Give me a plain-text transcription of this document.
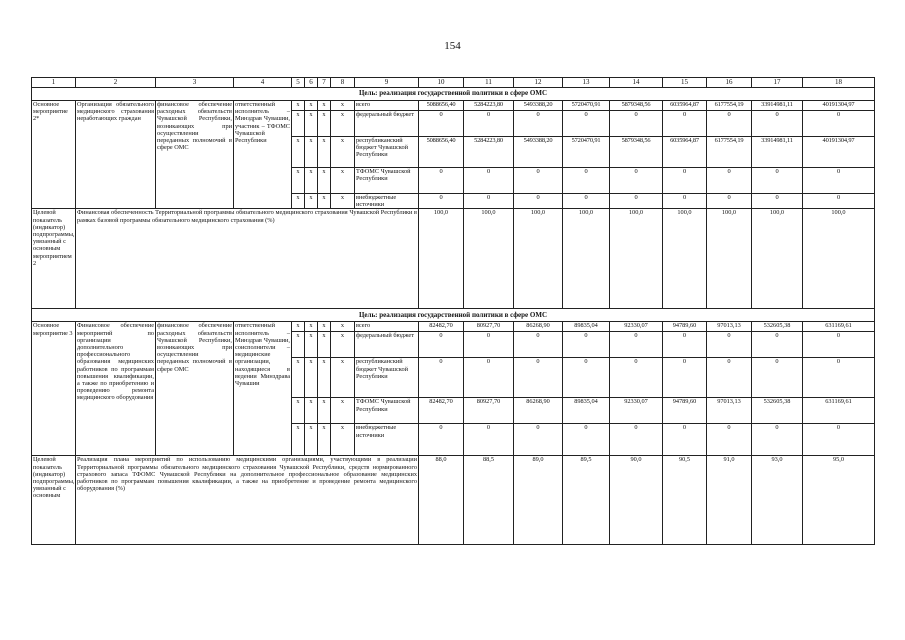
154
1	2	3	4	5	6	7	8	9	10	11	12	13	14	15	16	17	18
Цель: реализация государственной политики в сфере ОМС																	
Основное мероприятие 2*	Организация обязательного медицинского страхования неработающих граждан	финансовое обеспечение расходных обязательств Чувашской Республики, возникающих при осуществлении переданных полномочий в сфере ОМС	ответственный исполнитель – Минздрав Чувашии, участник – ТФОМС Чувашской Республики	x	x	x	x	всего	5088656,40	5284223,80	5493388,20	5720470,91	5879348,56	6035964,87	6177554,19	33914981,11	40191304,97
				x	x	x	x	федеральный бюджет	0	0	0	0	0	0	0	0	0
				x	x	x	x	республиканский бюджет Чувашской Республики	5088656,40	5284223,80	5493388,20	5720470,91	5879348,56	6035964,87	6177554,19	33914981,11	40191304,97
				x	x	x	x	ТФОМС Чувашской Республики	0	0	0	0	0	0	0	0	0
				x	x	x	x	внебюджетные источники	0	0	0	0	0	0	0	0	0
Целевой показатель (индикатор) подпрограммы, увязанный с основным мероприятием 2	Финансовая обеспеченность Территориальной программы обязательного медицинского страхования Чувашской Республики в рамках базовой программы обязательного медицинского страхования (%)								100,0	100,0	100,0	100,0	100,0	100,0	100,0	100,0	100,0
Цель: реализация государственной политики в сфере ОМС																	
Основное мероприятие 3	Финансовое обеспечение мероприятий по организации дополнительного профессионального образования медицинских работников по программам повышения квалификации, а также по приобретению и проведению ремонта медицинского оборудования	финансовое обеспечение расходных обязательств Чувашской Республики, возникающих при осуществлении переданных полномочий в сфере ОМС	ответственный исполнитель – Минздрав Чувашии, соисполнители – медицинские организации, находящиеся в ведении Минздрава Чувашии	x	x	x	x	всего	82482,70	80927,70	86268,90	89835,04	92330,07	94789,60	97013,13	532605,38	631169,61
				x	x	x	x	федеральный бюджет	0	0	0	0	0	0	0	0	0
				x	x	x	x	республиканский бюджет Чувашской Республики	0	0	0	0	0	0	0	0	0
				x	x	x	x	ТФОМС Чувашской Республики	82482,70	80927,70	86268,90	89835,04	92330,07	94789,60	97013,13	532605,38	631169,61
				x	x	x	x	внебюджетные источники	0	0	0	0	0	0	0	0	0
Целевой показатель (индикатор) подпрограммы, увязанный с основным	Реализация плана мероприятий по использованию медицинскими организациями, участвующими в реализации Территориальной программы обязательного медицинского страхования Чувашской Республики, средств нормированного страхового запаса ТФОМС Чувашской Республики на дополнительное профессиональное образование медицинских работников по программам повышения квалификации, а также на приобретение и проведение ремонта медицинского оборудования (%)								88,0	88,5	89,0	89,5	90,0	90,5	91,0	93,0	95,0
